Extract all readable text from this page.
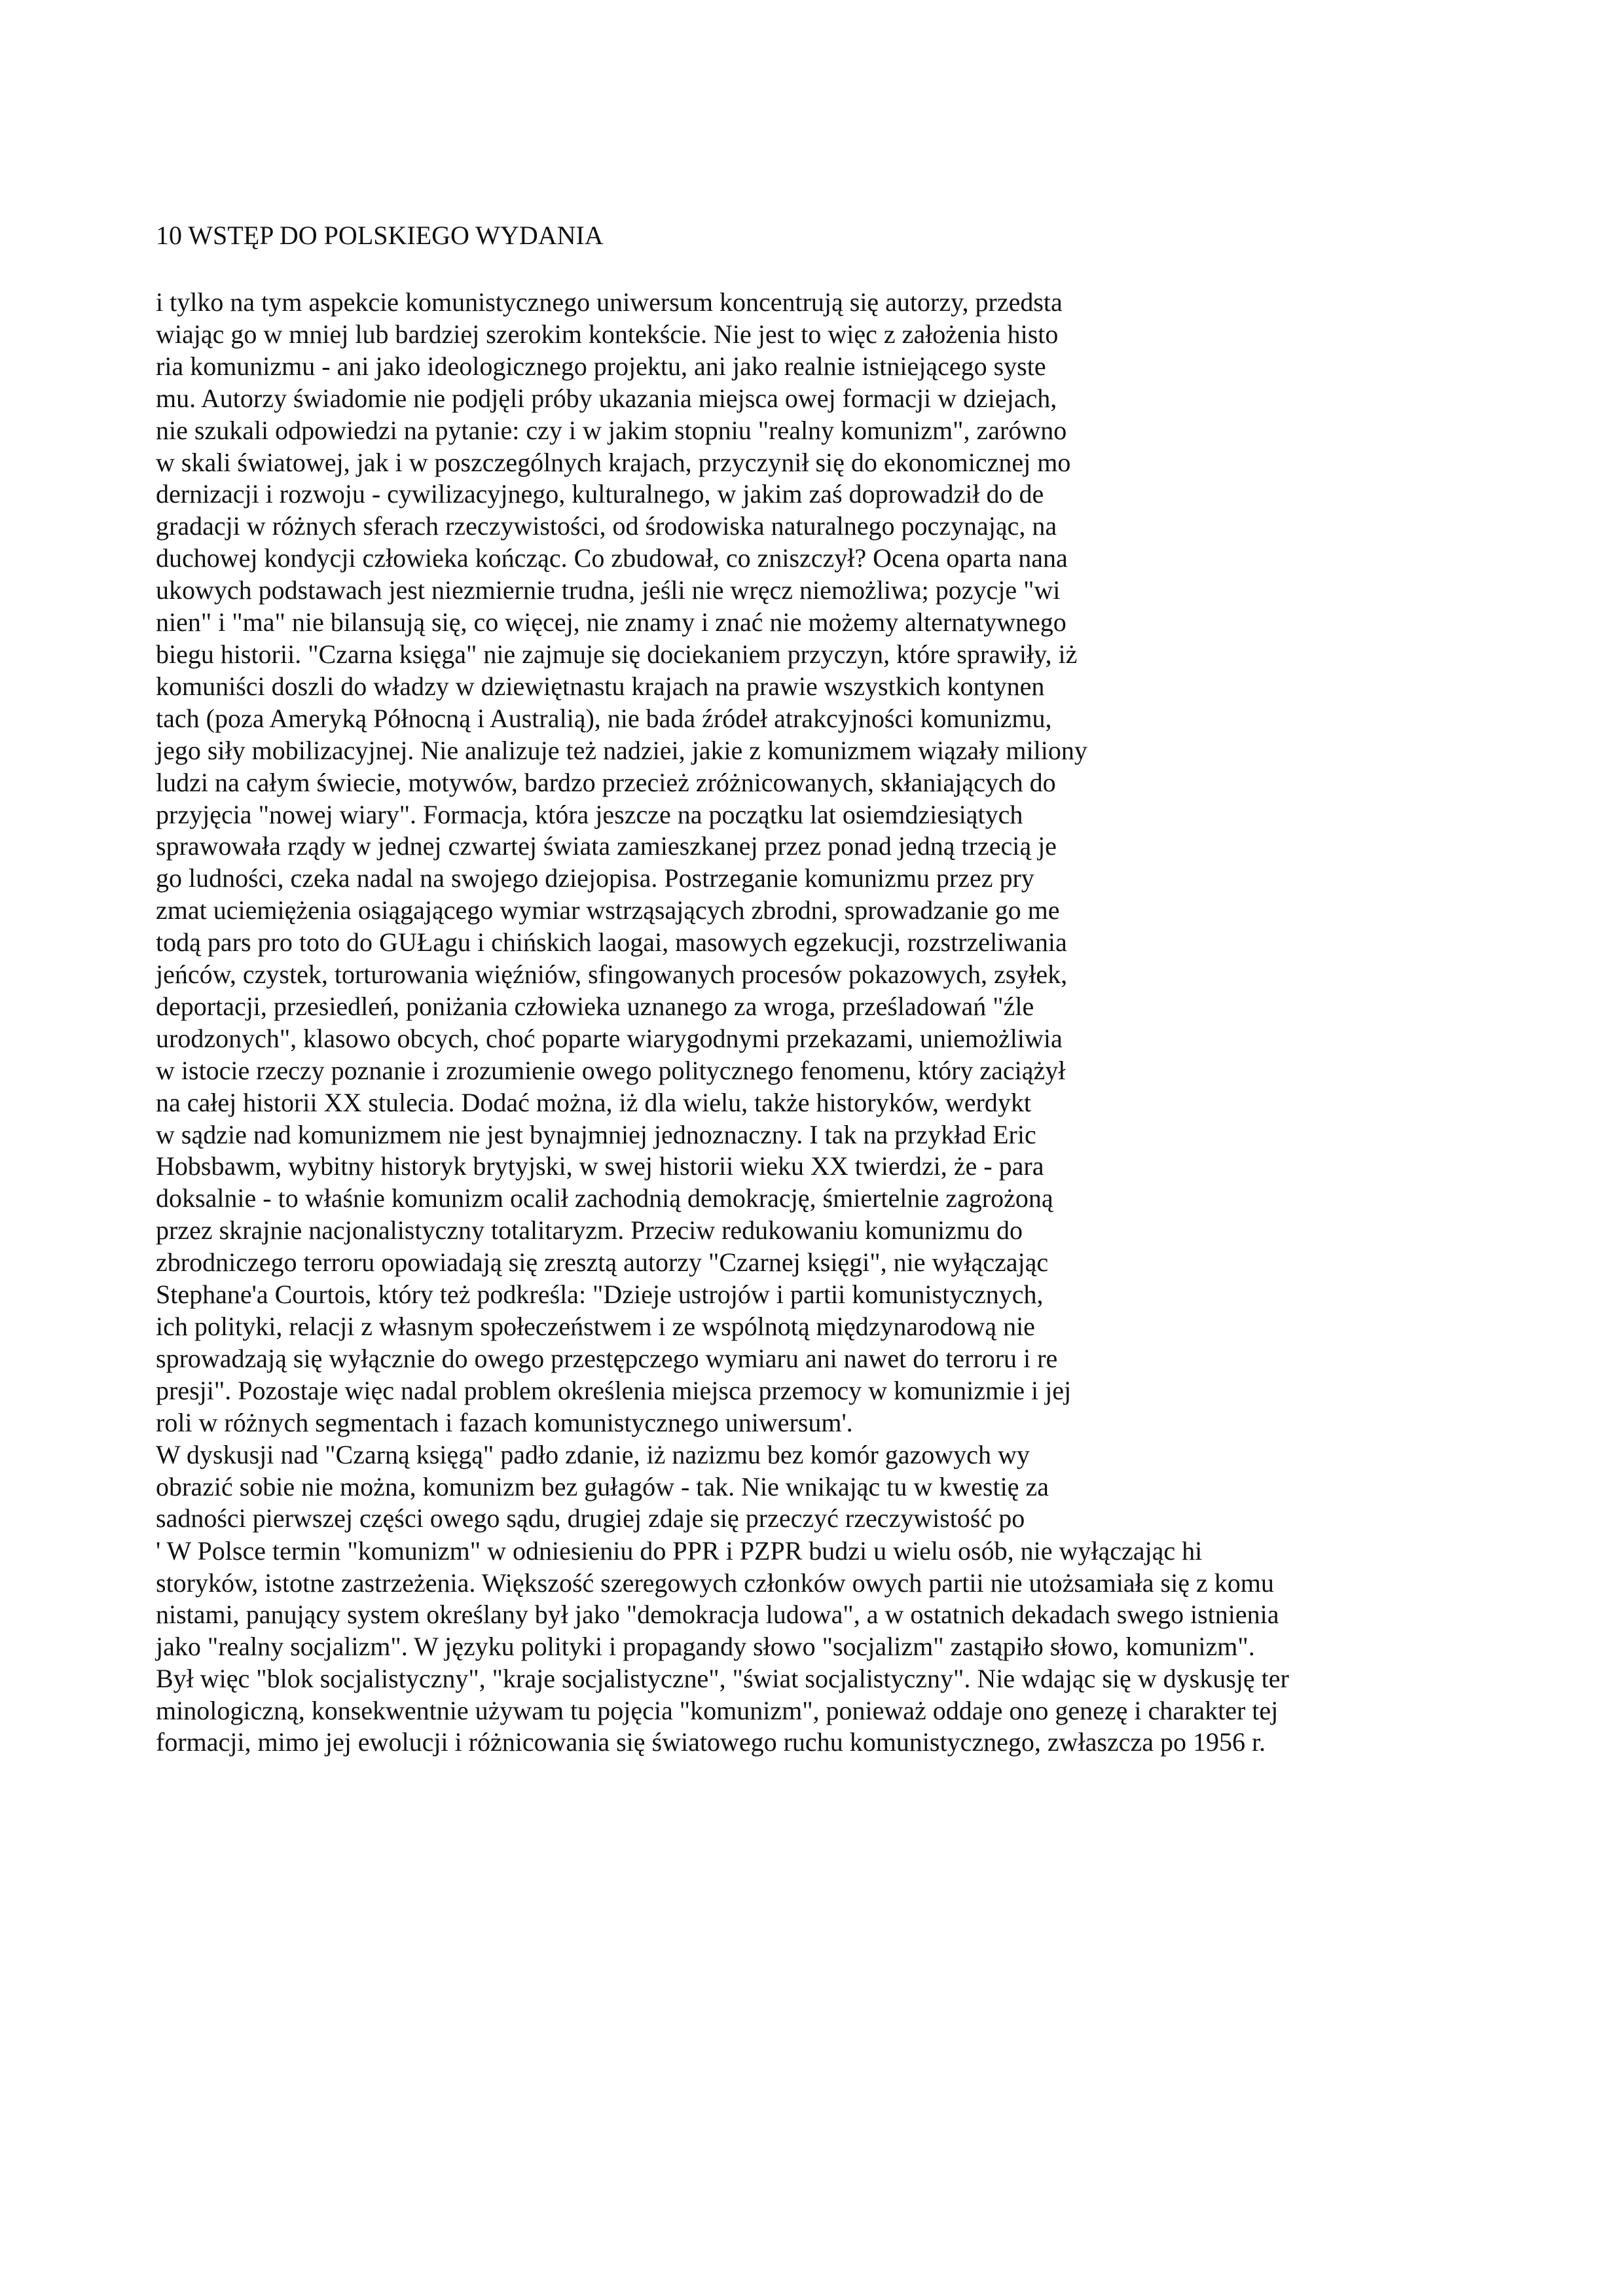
10 WSTĘP DO POLSKIEGO WYDANIA
i tylko na tym aspekcie komunistycznego uniwersum koncentrują się autorzy, przedsta
wiając go w mniej lub bardziej szerokim kontekście. Nie jest to więc z założenia histo
ria komunizmu - ani jako ideologicznego projektu, ani jako realnie istniejącego syste
mu. Autorzy świadomie nie podjęli próby ukazania miejsca owej formacji w dziejach,
nie szukali odpowiedzi na pytanie: czy i w jakim stopniu "realny komunizm", zarówno
w skali światowej, jak i w poszczególnych krajach, przyczynił się do ekonomicznej mo
dernizacji i rozwoju - cywilizacyjnego, kulturalnego, w jakim zaś doprowadził do de
gradacji w różnych sferach rzeczywistości, od środowiska naturalnego poczynając, na
duchowej kondycji człowieka kończąc. Co zbudował, co zniszczył? Ocena oparta nana
ukowych podstawach jest niezmiernie trudna, jeśli nie wręcz niemożliwa; pozycje "wi
nien" i "ma" nie bilansują się, co więcej, nie znamy i znać nie możemy alternatywnego
biegu historii. "Czarna księga" nie zajmuje się dociekaniem przyczyn, które sprawiły, iż
komuniści doszli do władzy w dziewiętnastu krajach na prawie wszystkich kontynen
tach (poza Ameryką Północną i Australią), nie bada źródeł atrakcyjności komunizmu,
jego siły mobilizacyjnej. Nie analizuje też nadziei, jakie z komunizmem wiązały miliony
ludzi na całym świecie, motywów, bardzo przecież zróżnicowanych, skłaniających do
przyjęcia "nowej wiary". Formacja, która jeszcze na początku lat osiemdziesiątych
sprawowała rządy w jednej czwartej świata zamieszkanej przez ponad jedną trzecią je
go ludności, czeka nadal na swojego dziejopisa. Postrzeganie komunizmu przez pry
zmat uciemiężenia osiągającego wymiar wstrząsających zbrodni, sprowadzanie go me
todą pars pro toto do GUŁagu i chińskich laogai, masowych egzekucji, rozstrzeliwania
jeńców, czystek, torturowania więźniów, sfingowanych procesów pokazowych, zsyłek,
deportacji, przesiedleń, poniżania człowieka uznanego za wroga, prześladowań "źle
urodzonych", klasowo obcych, choć poparte wiarygodnymi przekazami, uniemożliwia
w istocie rzeczy poznanie i zrozumienie owego politycznego fenomenu, który zaciążył
na całej historii XX stulecia. Dodać można, iż dla wielu, także historyków, werdykt
w sądzie nad komunizmem nie jest bynajmniej jednoznaczny. I tak na przykład Eric
Hobsbawm, wybitny historyk brytyjski, w swej historii wieku XX twierdzi, że - para
doksalnie - to właśnie komunizm ocalił zachodnią demokrację, śmiertelnie zagrożoną
przez skrajnie nacjonalistyczny totalitaryzm. Przeciw redukowaniu komunizmu do
zbrodniczego terroru opowiadają się zresztą autorzy "Czarnej księgi", nie wyłączając
Stephane'a Courtois, który też podkreśla: "Dzieje ustrojów i partii komunistycznych,
ich polityki, relacji z własnym społeczeństwem i ze wspólnotą międzynarodową nie
sprowadzają się wyłącznie do owego przestępczego wymiaru ani nawet do terroru i re
presji". Pozostaje więc nadal problem określenia miejsca przemocy w komunizmie i jej
roli w różnych segmentach i fazach komunistycznego uniwersum'.
W dyskusji nad "Czarną księgą" padło zdanie, iż nazizmu bez komór gazowych wy
obrazić sobie nie można, komunizm bez gułagów - tak. Nie wnikając tu w kwestię za
sadności pierwszej części owego sądu, drugiej zdaje się przeczyć rzeczywistość po
' W Polsce termin "komunizm" w odniesieniu do PPR i PZPR budzi u wielu osób, nie wyłączając hi
storyków, istotne zastrzeżenia. Większość szeregowych członków owych partii nie utożsamiała się z komu
nistami, panujący system określany był jako "demokracja ludowa", a w ostatnich dekadach swego istnienia
jako "realny socjalizm". W języku polityki i propagandy słowo "socjalizm" zastąpiło słowo, komunizm".
Był więc "blok socjalistyczny", "kraje socjalistyczne", "świat socjalistyczny". Nie wdając się w dyskusję ter
minologiczną, konsekwentnie używam tu pojęcia "komunizm", ponieważ oddaje ono genezę i charakter tej
formacji, mimo jej ewolucji i różnicowania się światowego ruchu komunistycznego, zwłaszcza po 1956 r.
